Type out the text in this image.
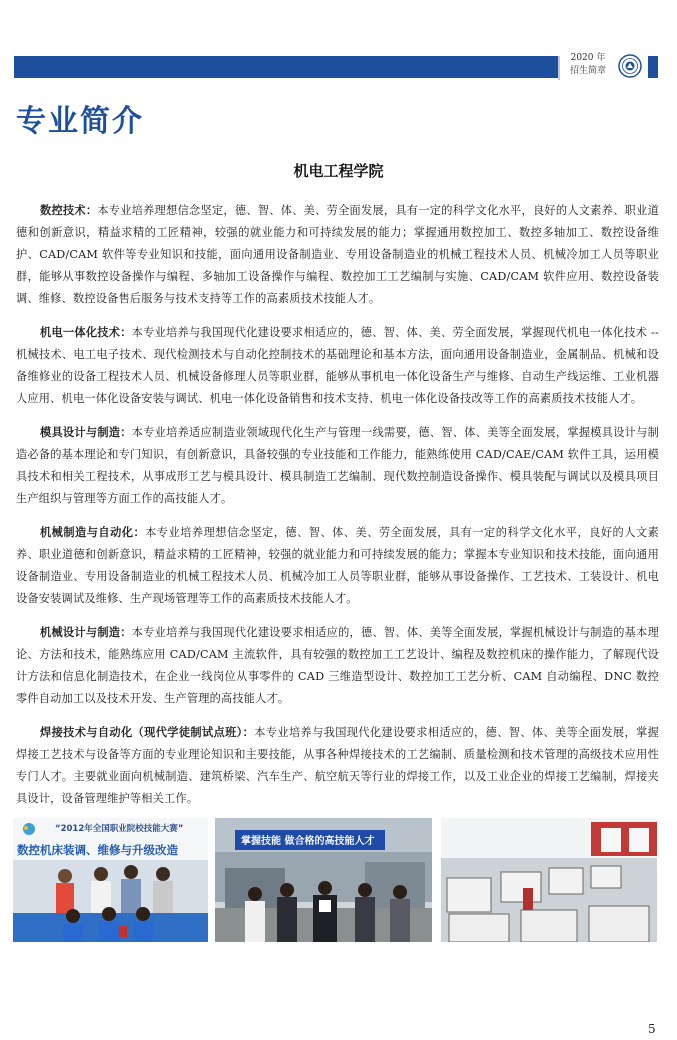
2020 年
招生简章
专业简介
机电工程学院

数控技术：本专业培养理想信念坚定，德、智、体、美、劳全面发展，具有一定的科学文化水平，良好的人文素养、职业道德和创新意识，精益求精的工匠精神，较强的就业能力和可持续发展的能力；掌握通用数控加工、数控多轴加工、数控设备维护、CAD/CAM 软件等专业知识和技能，面向通用设备制造业、专用设备制造业的机械工程技术人员、机械冷加工人员等职业群，能够从事数控设备操作与编程、多轴加工设备操作与编程、数控加工工艺编制与实施、CAD/CAM 软件应用、数控设备装调、维修、数控设备售后服务与技术支持等工作的高素质技术技能人才。

机电一体化技术：本专业培养与我国现代化建设要求相适应的，德、智、体、美、劳全面发展，掌握现代机电一体化技术 -- 机械技术、电工电子技术、现代检测技术与自动化控制技术的基础理论和基本方法，面向通用设备制造业，金属制品、机械和设备维修业的设备工程技术人员、机械设备修理人员等职业群，能够从事机电一体化设备生产与维修、自动生产线运维、工业机器人应用、机电一体化设备安装与调试、机电一体化设备销售和技术支持、机电一体化设备技改等工作的高素质技术技能人才。

模具设计与制造：本专业培养适应制造业领域现代化生产与管理一线需要，德、智、体、美等全面发展，掌握模具设计与制造必备的基本理论和专门知识，有创新意识，具备较强的专业技能和工作能力，能熟练使用 CAD/CAE/CAM 软件工具，运用模具技术和相关工程技术，从事成形工艺与模具设计、模具制造工艺编制、现代数控制造设备操作、模具装配与调试以及模具项目生产组织与管理等方面工作的高技能人才。

机械制造与自动化：本专业培养理想信念坚定，德、智、体、美、劳全面发展，具有一定的科学文化水平，良好的人文素养、职业道德和创新意识，精益求精的工匠精神，较强的就业能力和可持续发展的能力；掌握本专业知识和技术技能，面向通用设备制造业、专用设备制造业的机械工程技术人员、机械冷加工人员等职业群，能够从事设备操作、工艺技术、工装设计、机电设备安装调试及维修、生产现场管理等工作的高素质技术技能人才。

机械设计与制造：本专业培养与我国现代化建设要求相适应的，德、智、体、美等全面发展，掌握机械设计与制造的基本理论、方法和技术，能熟练应用 CAD/CAM 主流软件，具有较强的数控加工工艺设计、编程及数控机床的操作能力，了解现代设计方法和信息化制造技术，在企业一线岗位从事零件的 CAD 三维造型设计、数控加工工艺分析、CAM 自动编程、DNC 数控零件自动加工以及技术开发、生产管理的高技能人才。

焊接技术与自动化（现代学徒制试点班）：本专业培养与我国现代化建设要求相适应的，德、智、体、美等全面发展，掌握焊接工艺技术与设备等方面的专业理论知识和主要技能，从事各种焊接技术的工艺编制、质量检测和技术管理的高级技术应用性专门人才。主要就业面向机械制造、建筑桥梁、汽车生产、航空航天等行业的焊接工作，以及工业企业的焊接工艺编制，焊接夹具设计，设备管理维护等相关工作。

“2012年全国职业院校技能大赛”
数控机床装调、维修与升级改造
掌握技能 做合格的高技能人才
5
